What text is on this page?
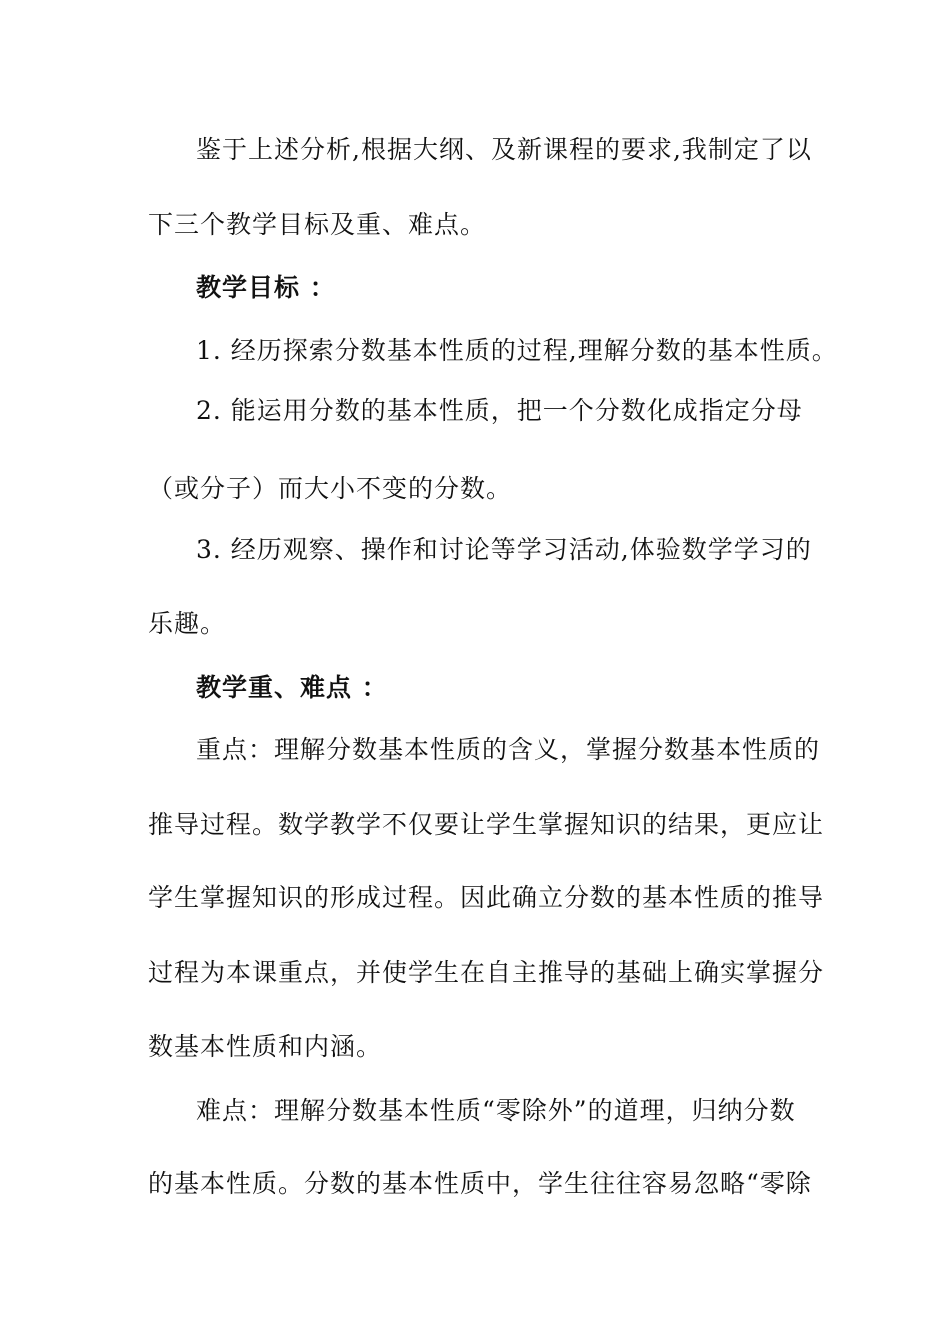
鉴于上述分析,根据大纲、及新课程的要求,我制定了以
下三个教学目标及重、难点。
教学目标 ：
1. 经历探索分数基本性质的过程,理解分数的基本性质。
2. 能运用分数的基本性质，把一个分数化成指定分母
（或分子）而大小不变的分数。
3. 经历观察、操作和讨论等学习活动,体验数学学习的
乐趣。
教学重、难点 ：
重点：理解分数基本性质的含义，掌握分数基本性质的
推导过程。数学教学不仅要让学生掌握知识的结果，更应让
学生掌握知识的形成过程。因此确立分数的基本性质的推导
过程为本课重点，并使学生在自主推导的基础上确实掌握分
数基本性质和内涵。
难点：理解分数基本性质“零除外”的道理，归纳分数
的基本性质。分数的基本性质中，学生往往容易忽略“零除
